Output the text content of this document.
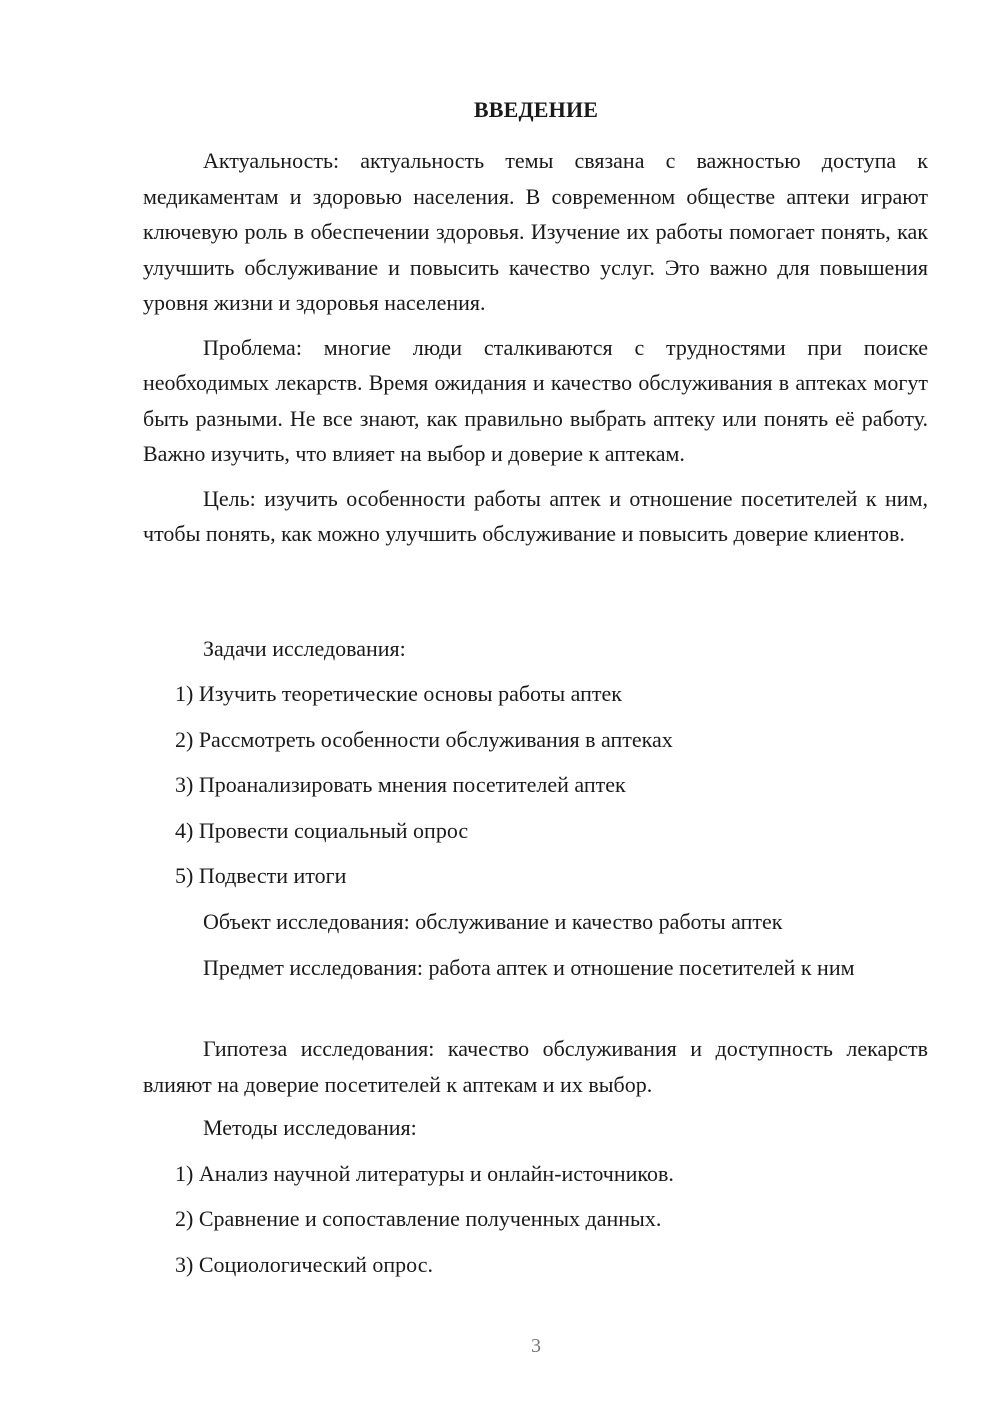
ВВЕДЕНИЕ

Актуальность: актуальность темы связана с важностью доступа к медикаментам и здоровью населения. В современном обществе аптеки играют ключевую роль в обеспечении здоровья. Изучение их работы помогает понять, как улучшить обслуживание и повысить качество услуг. Это важно для повышения уровня жизни и здоровья населения.

Проблема: многие люди сталкиваются с трудностями при поиске необходимых лекарств. Время ожидания и качество обслуживания в аптеках могут быть разными. Не все знают, как правильно выбрать аптеку или понять её работу. Важно изучить, что влияет на выбор и доверие к аптекам.

Цель: изучить особенности работы аптек и отношение посетителей к ним, чтобы понять, как можно улучшить обслуживание и повысить доверие клиентов.

Задачи исследования:

1) Изучить теоретические основы работы аптек

2) Рассмотреть особенности обслуживания в аптеках

3) Проанализировать мнения посетителей аптек

4) Провести социальный опрос

5) Подвести итоги

Объект исследования: обслуживание и качество работы аптек

Предмет исследования: работа аптек и отношение посетителей к ним

Гипотеза исследования: качество обслуживания и доступность лекарств влияют на доверие посетителей к аптекам и их выбор.

Методы исследования:

1) Анализ научной литературы и онлайн-источников.

2) Сравнение и сопоставление полученных данных.

3) Социологический опрос.

3
